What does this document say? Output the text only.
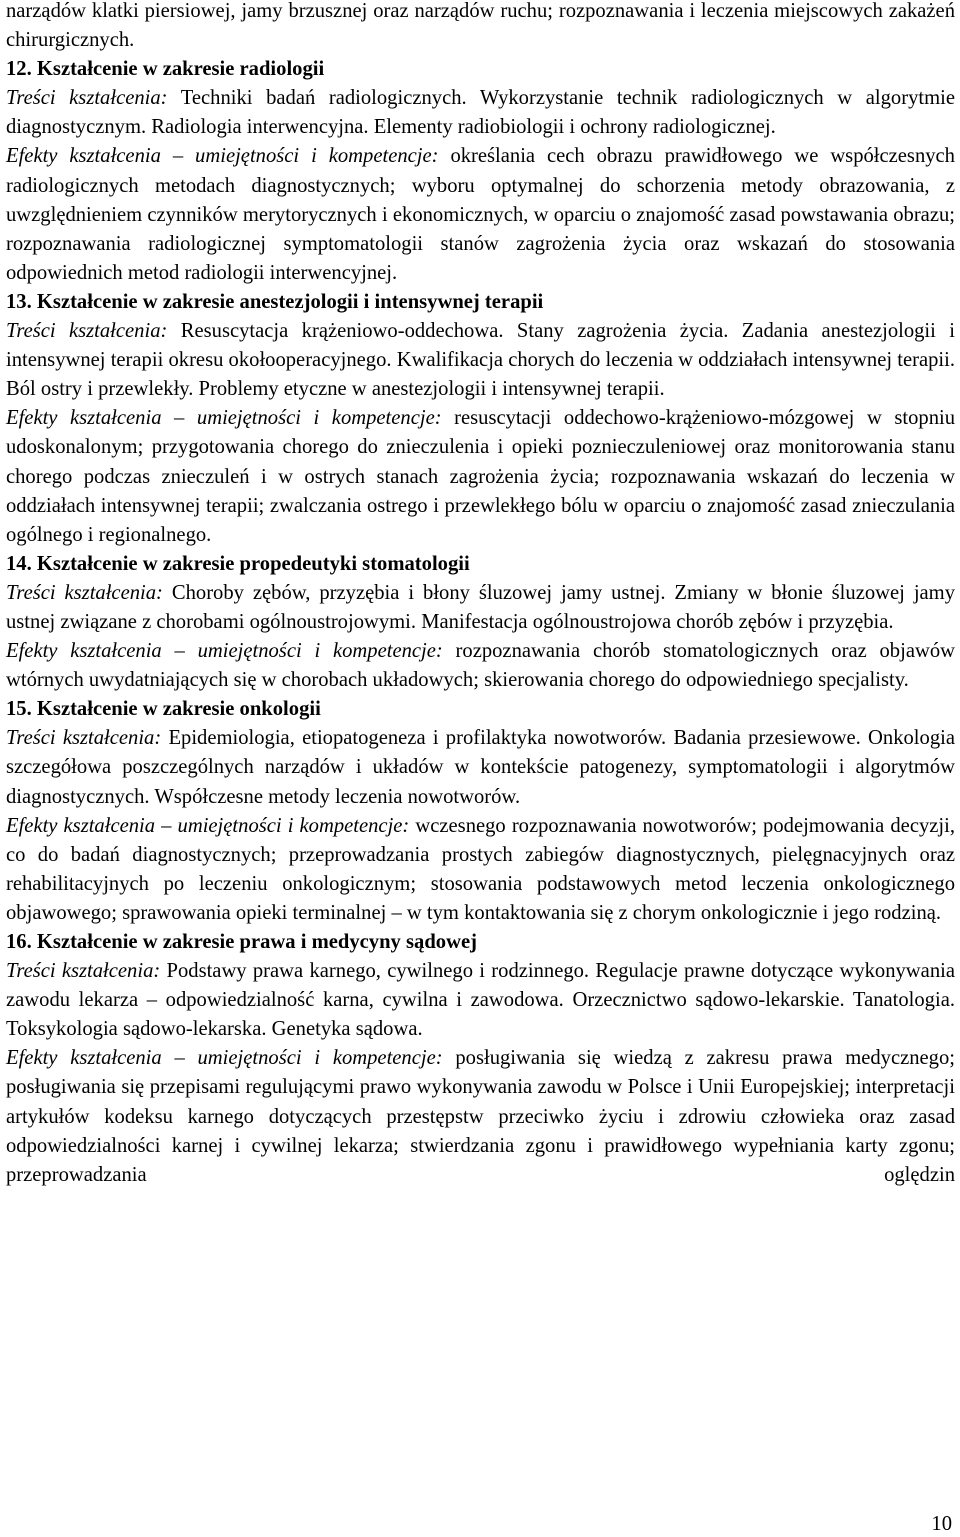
narządów klatki piersiowej, jamy brzusznej oraz narządów ruchu; rozpoznawania i leczenia miejscowych zakażeń chirurgicznych.

12. Kształcenie w zakresie radiologii

Treści kształcenia: Techniki badań radiologicznych. Wykorzystanie technik radiologicznych w algorytmie diagnostycznym. Radiologia interwencyjna. Elementy radiobiologii i ochrony radiologicznej.

Efekty kształcenia – umiejętności i kompetencje: określania cech obrazu prawidłowego we współczesnych radiologicznych metodach diagnostycznych; wyboru optymalnej do schorzenia metody obrazowania, z uwzględnieniem czynników merytorycznych i ekonomicznych, w oparciu o znajomość zasad powstawania obrazu; rozpoznawania radiologicznej symptomatologii stanów zagrożenia życia oraz wskazań do stosowania odpowiednich metod radiologii interwencyjnej.

13. Kształcenie w zakresie anestezjologii i intensywnej terapii

Treści kształcenia: Resuscytacja krążeniowo-oddechowa. Stany zagrożenia życia. Zadania anestezjologii i intensywnej terapii okresu okołooperacyjnego. Kwalifikacja chorych do leczenia w oddziałach intensywnej terapii. Ból ostry i przewlekły. Problemy etyczne w anestezjologii i intensywnej terapii.

Efekty kształcenia – umiejętności i kompetencje: resuscytacji oddechowo-krążeniowo-mózgowej w stopniu udoskonalonym; przygotowania chorego do znieczulenia i opieki poznieczuleniowej oraz monitorowania stanu chorego podczas znieczuleń i w ostrych stanach zagrożenia życia; rozpoznawania wskazań do leczenia w oddziałach intensywnej terapii; zwalczania ostrego i przewlekłego bólu w oparciu o znajomość zasad znieczulania ogólnego i regionalnego.

14. Kształcenie w zakresie propedeutyki stomatologii

Treści kształcenia: Choroby zębów, przyzębia i błony śluzowej jamy ustnej. Zmiany w błonie śluzowej jamy ustnej związane z chorobami ogólnoustrojowymi. Manifestacja ogólnoustrojowa chorób zębów i przyzębia.

Efekty kształcenia – umiejętności i kompetencje: rozpoznawania chorób stomatologicznych oraz objawów wtórnych uwydatniających się w chorobach układowych; skierowania chorego do odpowiedniego specjalisty.

15. Kształcenie w zakresie onkologii

Treści kształcenia: Epidemiologia, etiopatogeneza i profilaktyka nowotworów. Badania przesiewowe. Onkologia szczegółowa poszczególnych narządów i układów w kontekście patogenezy, symptomatologii i algorytmów diagnostycznych. Współczesne metody leczenia nowotworów.

Efekty kształcenia – umiejętności i kompetencje: wczesnego rozpoznawania nowotworów; podejmowania decyzji, co do badań diagnostycznych; przeprowadzania prostych zabiegów diagnostycznych, pielęgnacyjnych oraz rehabilitacyjnych po leczeniu onkologicznym; stosowania podstawowych metod leczenia onkologicznego objawowego; sprawowania opieki terminalnej – w tym kontaktowania się z chorym onkologicznie i jego rodziną.

16. Kształcenie w zakresie prawa i medycyny sądowej

Treści kształcenia: Podstawy prawa karnego, cywilnego i rodzinnego. Regulacje prawne dotyczące wykonywania zawodu lekarza – odpowiedzialność karna, cywilna i zawodowa. Orzecznictwo sądowo-lekarskie. Tanatologia. Toksykologia sądowo-lekarska. Genetyka sądowa.

Efekty kształcenia – umiejętności i kompetencje: posługiwania się wiedzą z zakresu prawa medycznego; posługiwania się przepisami regulującymi prawo wykonywania zawodu w Polsce i Unii Europejskiej; interpretacji artykułów kodeksu karnego dotyczących przestępstw przeciwko życiu i zdrowiu człowieka oraz zasad odpowiedzialności karnej i cywilnej lekarza; stwierdzania zgonu i prawidłowego wypełniania karty zgonu; przeprowadzania oględzin

10
